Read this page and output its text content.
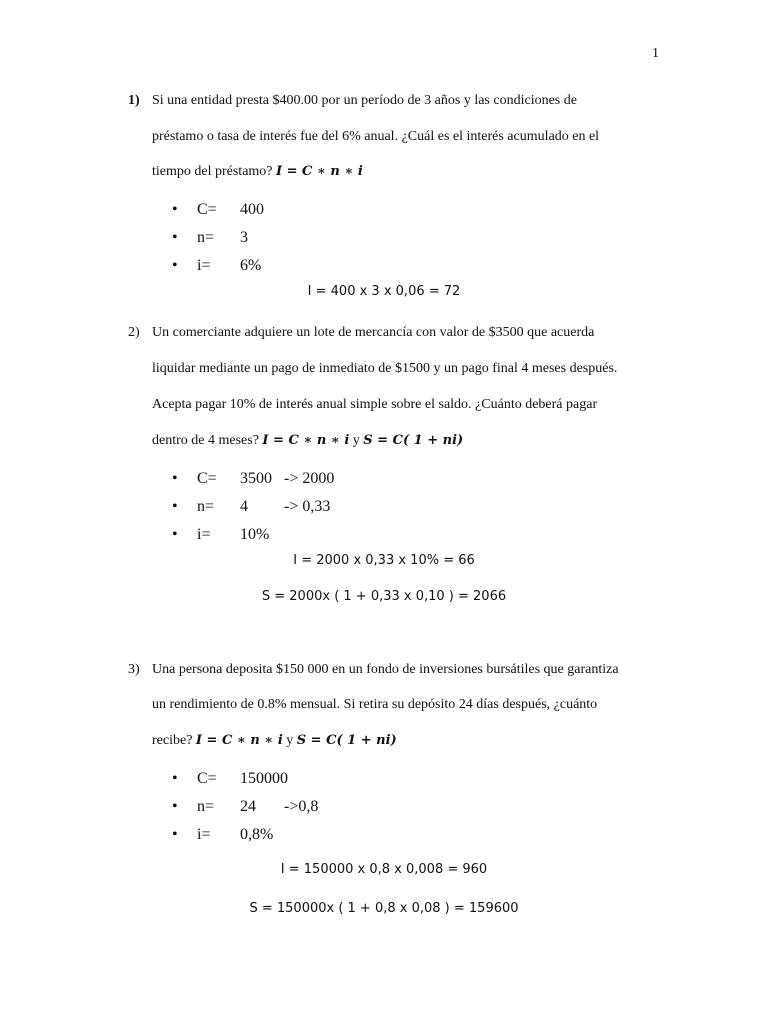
1
1) Si una entidad presta $400.00 por un período de 3 años y las condiciones de
préstamo o tasa de interés fue del 6% anual. ¿Cuál es el interés acumulado en el
tiempo del préstamo? I = C ∗ n ∗ i
• C= 400
• n= 3
• i= 6%
I = 400 x 3 x 0,06 = 72
2) Un comerciante adquiere un lote de mercancía con valor de $3500 que acuerda
liquidar mediante un pago de inmediato de $1500 y un pago final 4 meses después.
Acepta pagar 10% de interés anual simple sobre el saldo. ¿Cuánto deberá pagar
dentro de 4 meses? I = C ∗ n ∗ i y S = C( 1 + ni)
• C= 3500 -> 2000
• n= 4 -> 0,33
• i= 10%
I = 2000 x 0,33 x 10% = 66
S = 2000x ( 1 + 0,33 x 0,10 ) = 2066
3) Una persona deposita $150 000 en un fondo de inversiones bursátiles que garantiza
un rendimiento de 0.8% mensual. Si retira su depósito 24 días después, ¿cuánto
recibe? I = C ∗ n ∗ i y S = C( 1 + ni)
• C= 150000
• n= 24 ->0,8
• i= 0,8%
I = 150000 x 0,8 x 0,008 = 960
S = 150000x ( 1 + 0,8 x 0,08 ) = 159600
